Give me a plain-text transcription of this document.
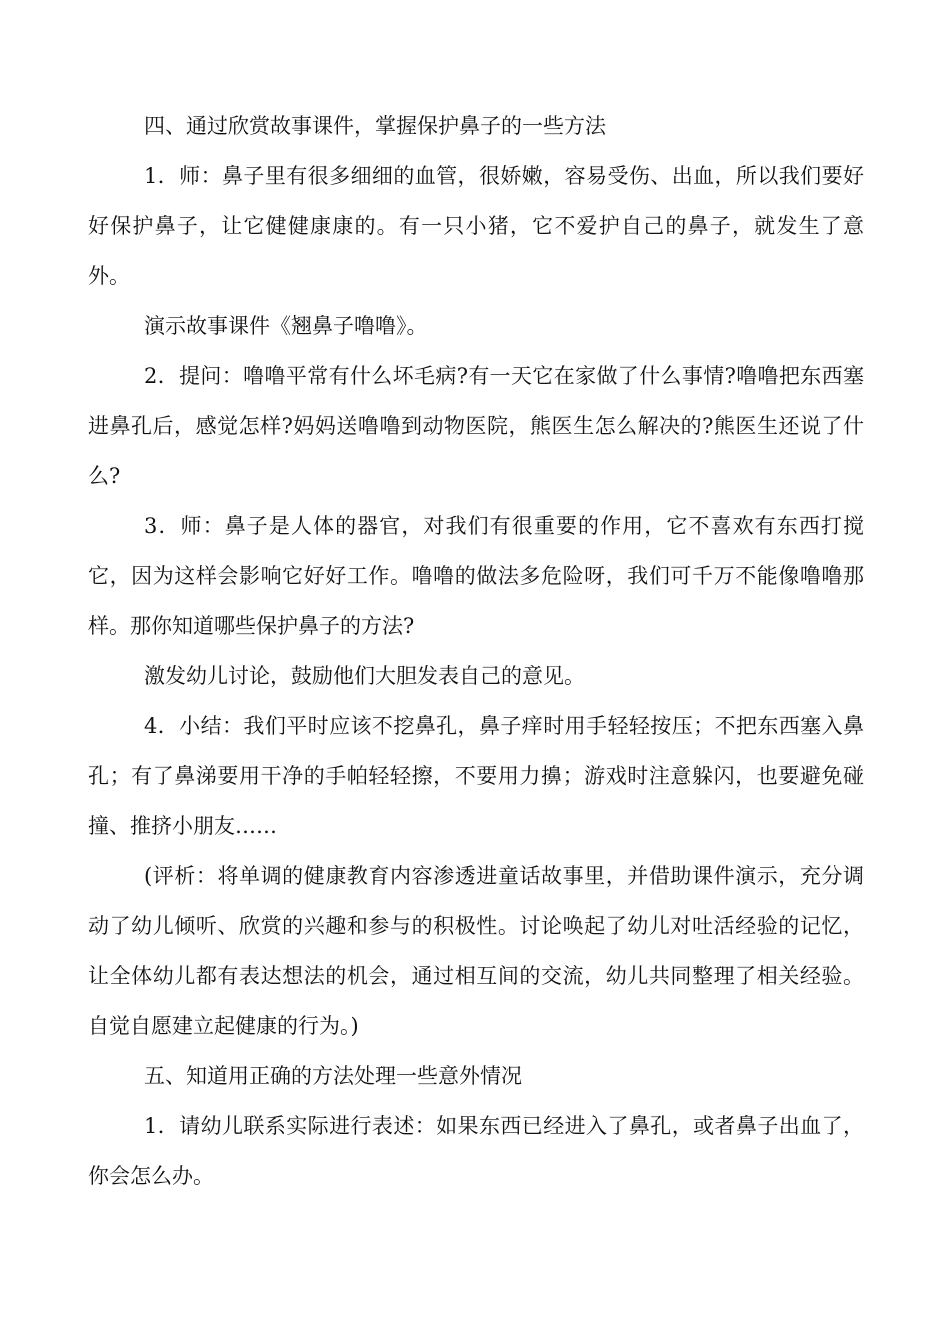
四、通过欣赏故事课件，掌握保护鼻子的一些方法

1．师：鼻子里有很多细细的血管，很娇嫩，容易受伤、出血，所以我们要好好保护鼻子，让它健健康康的。有一只小猪，它不爱护自己的鼻子，就发生了意外。

演示故事课件《翘鼻子噜噜》。

2．提问：噜噜平常有什么坏毛病?有一天它在家做了什么事情?噜噜把东西塞进鼻孔后，感觉怎样?妈妈送噜噜到动物医院，熊医生怎么解决的?熊医生还说了什么?

3．师：鼻子是人体的器官，对我们有很重要的作用，它不喜欢有东西打搅它，因为这样会影响它好好工作。噜噜的做法多危险呀，我们可千万不能像噜噜那样。那你知道哪些保护鼻子的方法?

激发幼儿讨论，鼓励他们大胆发表自己的意见。

4．小结：我们平时应该不挖鼻孔，鼻子痒时用手轻轻按压；不把东西塞入鼻孔；有了鼻涕要用干净的手帕轻轻擦，不要用力擤；游戏时注意躲闪，也要避免碰撞、推挤小朋友……

(评析：将单调的健康教育内容渗透进童话故事里，并借助课件演示，充分调动了幼儿倾听、欣赏的兴趣和参与的积极性。讨论唤起了幼儿对吐活经验的记忆，让全体幼儿都有表达想法的机会，通过相互间的交流，幼儿共同整理了相关经验。自觉自愿建立起健康的行为。)

五、知道用正确的方法处理一些意外情况

1．请幼儿联系实际进行表述：如果东西已经进入了鼻孔，或者鼻子出血了，你会怎么办。
